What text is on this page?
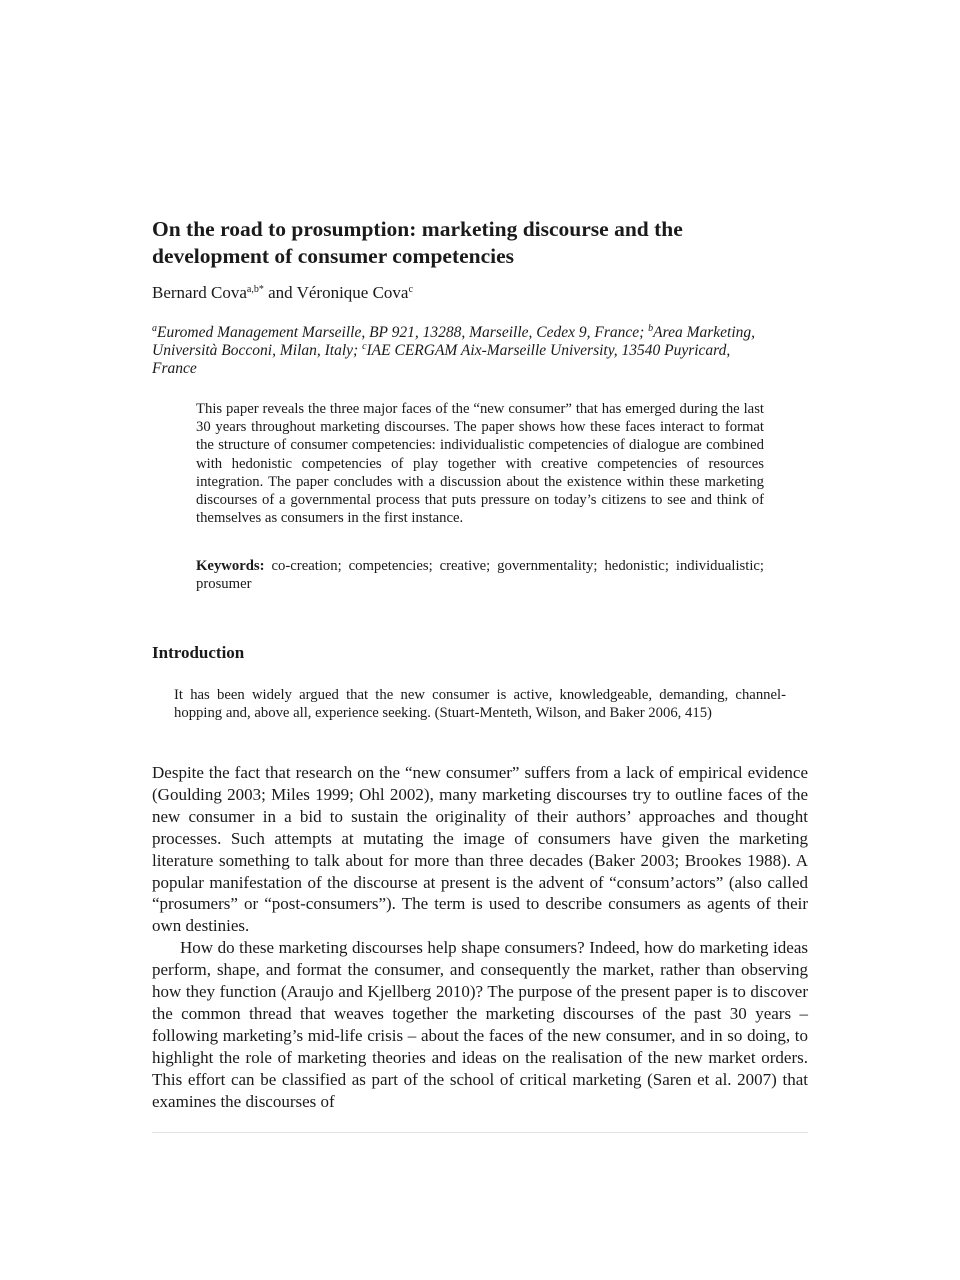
On the road to prosumption: marketing discourse and the development of consumer competencies
Bernard Cova$^{a,b*}$ and Véronique Cova$^c$

$^a$Euromed Management Marseille, BP 921, 13288, Marseille, Cedex 9, France; $^b$Area Marketing, Università Bocconi, Milan, Italy; $^c$IAE CERGAM Aix-Marseille University, 13540 Puyricard, France

This paper reveals the three major faces of the “new consumer” that has emerged during the last 30 years throughout marketing discourses. The paper shows how these faces interact to format the structure of consumer competencies: individualistic competencies of dialogue are combined with hedonistic competencies of play together with creative competencies of resources integration. The paper concludes with a discussion about the existence within these marketing discourses of a governmental process that puts pressure on today’s citizens to see and think of themselves as consumers in the first instance.

Keywords: co-creation; competencies; creative; governmentality; hedonistic; individualistic; prosumer

Introduction

It has been widely argued that the new consumer is active, knowledgeable, demanding, channel-hopping and, above all, experience seeking. (Stuart-Menteth, Wilson, and Baker 2006, 415)

Despite the fact that research on the “new consumer” suffers from a lack of empirical evidence (Goulding 2003; Miles 1999; Ohl 2002), many marketing discourses try to outline faces of the new consumer in a bid to sustain the originality of their authors’ approaches and thought processes. Such attempts at mutating the image of consumers have given the marketing literature something to talk about for more than three decades (Baker 2003; Brookes 1988). A popular manifestation of the discourse at present is the advent of “consum’actors” (also called “prosumers” or “post-consumers”). The term is used to describe consumers as agents of their own destinies.

How do these marketing discourses help shape consumers? Indeed, how do marketing ideas perform, shape, and format the consumer, and consequently the market, rather than observing how they function (Araujo and Kjellberg 2010)? The purpose of the present paper is to discover the common thread that weaves together the marketing discourses of the past 30 years – following marketing’s mid-life crisis – about the faces of the new consumer, and in so doing, to highlight the role of marketing theories and ideas on the realisation of the new market orders. This effort can be classified as part of the school of critical marketing (Saren et al. 2007) that examines the discourses of
